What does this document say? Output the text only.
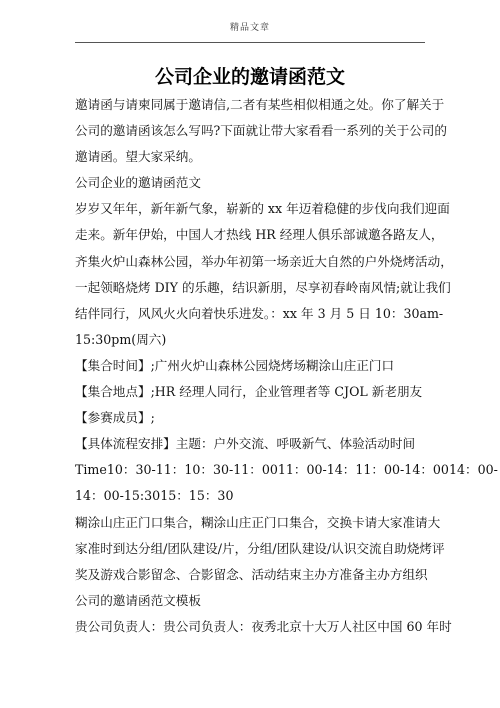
精品文章
公司企业的邀请函范文
邀请函与请柬同属于邀请信,二者有某些相似相通之处。你了解关于
公司的邀请函该怎么写吗?下面就让带大家看看一系列的关于公司的
邀请函。望大家采纳。
公司企业的邀请函范文
岁岁又年年，新年新气象，崭新的 xx 年迈着稳健的步伐向我们迎面
走来。新年伊始，中国人才热线 HR 经理人俱乐部诚邀各路友人，
齐集火炉山森林公园，举办年初第一场亲近大自然的户外烧烤活动，
一起领略烧烤 DIY 的乐趣，结识新朋，尽享初春岭南风情;就让我们
结伴同行，风风火火向着快乐进发。：xx 年 3 月 5 日 10：30am-
15:30pm(周六)
【集合时间】;广州火炉山森林公园烧烤场糊涂山庄正门口
【集合地点】;HR 经理人同行，企业管理者等 CJOL 新老朋友
【参赛成员】;
【具体流程安排】主题：户外交流、呼吸新气、体验活动时间
Time10：30-11：10：30-11：0011：00-14：11：00-14：0014：00-
14：00-15:3015：15：30
糊涂山庄正门口集合，糊涂山庄正门口集合，交换卡请大家准请大
家准时到达分组/团队建设/片，分组/团队建设/认识交流自助烧烤评
奖及游戏合影留念、合影留念、活动结束主办方准备主办方组织
公司的邀请函范文模板
贵公司负责人：贵公司负责人：夜秀北京十大万人社区中国 60 年时
